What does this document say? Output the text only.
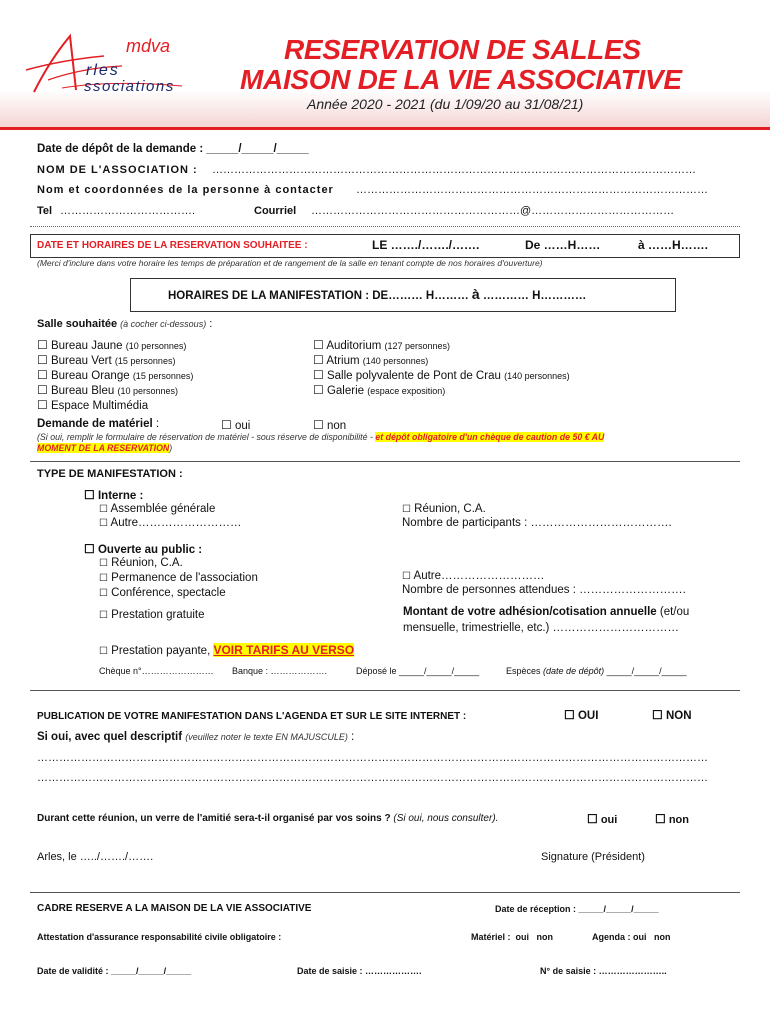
mdva
rles
ssociations
RESERVATION DE SALLES
MAISON DE LA VIE ASSOCIATIVE
Année 2020 - 2021 (du 1/09/20 au 31/08/21)
Date de dépôt de la demande : _____/_____/_____
NOM DE L'ASSOCIATION : ……………………………………………………………………………………………………………………
Nom et coordonnées de la personne à contacter ……………………………………………………………………………………
Tel ……………………………….	Courriel …………………………………………………@…………………………………
DATE ET HORAIRES DE LA RESERVATION SOUHAITEE :	LE ……./……./…….	De ……H……	à ……H…….
(Merci d'inclure dans votre horaire les temps de préparation et de rangement de la salle en tenant compte de nos horaires d'ouverture)
HORAIRES DE LA MANIFESTATION : DE……… H……… à ………… H…………
Salle souhaitée (à cocher ci-dessous) :
☐ Bureau Jaune (10 personnes)
☐ Bureau Vert (15 personnes)
☐ Bureau Orange (15 personnes)
☐ Bureau Bleu (10 personnes)
☐ Espace Multimédia
☐ Auditorium (127 personnes)
☐ Atrium (140 personnes)
☐ Salle polyvalente de Pont de Crau (140 personnes)
☐ Galerie (espace exposition)
Demande de matériel :	☐ oui	☐ non
(Si oui, remplir le formulaire de réservation de matériel - sous réserve de disponibilité - et dépôt obligatoire d'un chèque de caution de 50 € AU
MOMENT DE LA RESERVATION)
TYPE DE MANIFESTATION :
☐ Interne :
☐ Assemblée générale
☐ Autre………………………
☐ Réunion, C.A.
Nombre de participants : ……………………………….
☐ Ouverte au public :
☐ Réunion, C.A.
☐ Permanence de l'association
☐ Conférence, spectacle
☐ Autre………………………
Nombre de personnes attendues : ……………………….
☐ Prestation gratuite	Montant de votre adhésion/cotisation annuelle (et/ou
mensuelle, trimestrielle, etc.) ……………………………
☐ Prestation payante, VOIR TARIFS AU VERSO
Chèque n°…………………… Banque : ……………….	Déposé le _____/_____/_____	Espèces (date de dépôt) _____/_____/_____
PUBLICATION DE VOTRE MANIFESTATION DANS L'AGENDA ET SUR LE SITE INTERNET :	☐ OUI	☐ NON
Si oui, avec quel descriptif (veuillez noter le texte EN MAJUSCULE) :
…………………………………………………………………………………………………………………………………………………………………
…………………………………………………………………………………………………………………………………………………………………
Durant cette réunion, un verre de l'amitié sera-t-il organisé par vos soins ? (Si oui, nous consulter).	☐ oui	☐ non
Arles, le …../……./…….	Signature (Président)
CADRE RESERVE A LA MAISON DE LA VIE ASSOCIATIVE	Date de réception : _____/_____/_____
Attestation d'assurance responsabilité civile obligatoire :	Matériel :  oui   non	Agenda : oui   non
Date de validité : _____/_____/_____	Date de saisie : ……………….	N° de saisie : …………………..
